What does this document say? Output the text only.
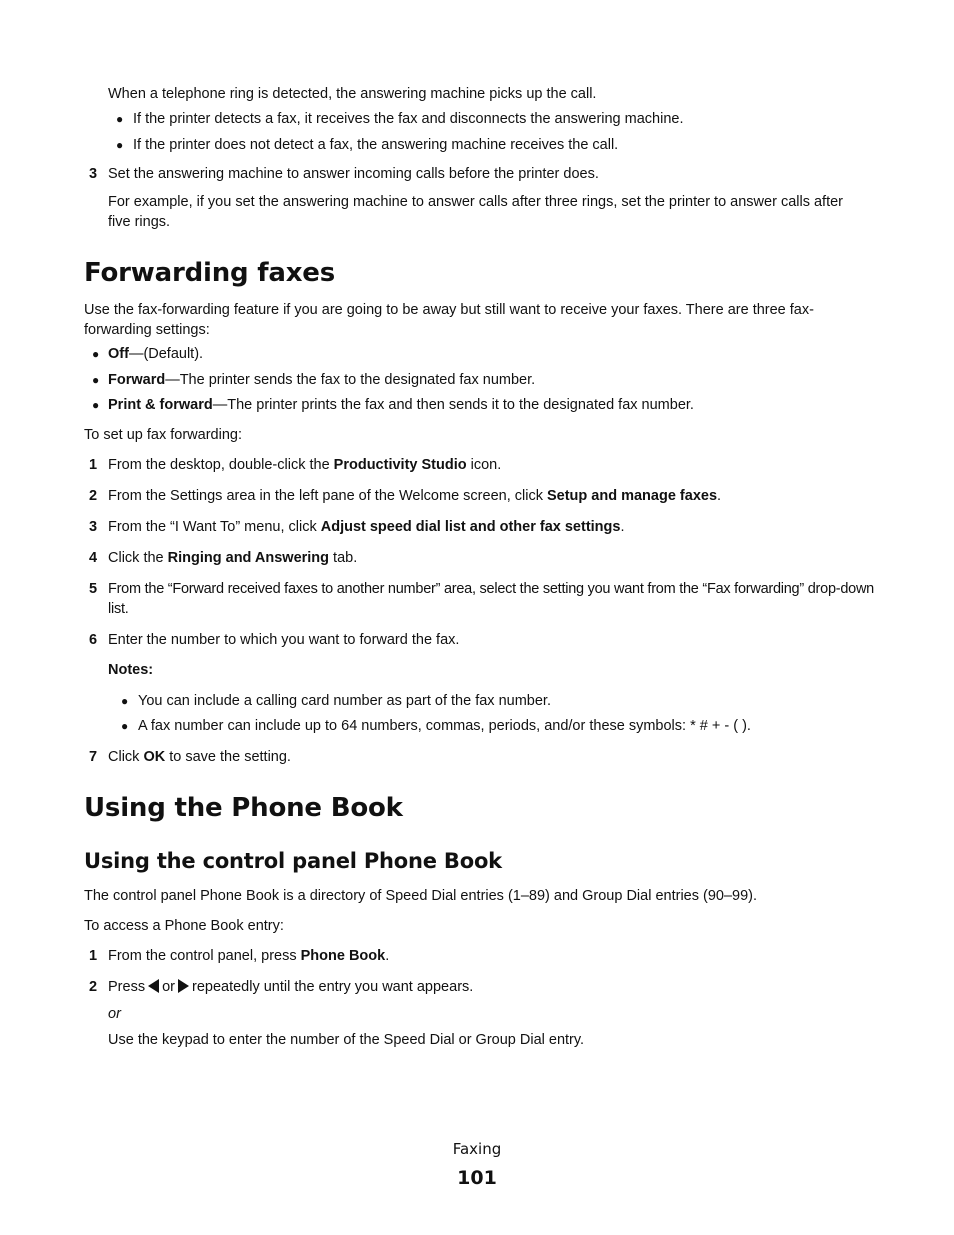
When a telephone ring is detected, the answering machine picks up the call.
● If the printer detects a fax, it receives the fax and disconnects the answering machine.
● If the printer does not detect a fax, the answering machine receives the call.
3 Set the answering machine to answer incoming calls before the printer does.
For example, if you set the answering machine to answer calls after three rings, set the printer to answer calls after five rings.
Forwarding faxes
Use the fax-forwarding feature if you are going to be away but still want to receive your faxes. There are three fax-forwarding settings:
● Off—(Default).
● Forward—The printer sends the fax to the designated fax number.
● Print & forward—The printer prints the fax and then sends it to the designated fax number.
To set up fax forwarding:
1 From the desktop, double-click the Productivity Studio icon.
2 From the Settings area in the left pane of the Welcome screen, click Setup and manage faxes.
3 From the “I Want To” menu, click Adjust speed dial list and other fax settings.
4 Click the Ringing and Answering tab.
5 From the “Forward received faxes to another number” area, select the setting you want from the “Fax forwarding” drop-down list.
6 Enter the number to which you want to forward the fax.
Notes:
● You can include a calling card number as part of the fax number.
● A fax number can include up to 64 numbers, commas, periods, and/or these symbols: * # + - ( ).
7 Click OK to save the setting.
Using the Phone Book
Using the control panel Phone Book
The control panel Phone Book is a directory of Speed Dial entries (1–89) and Group Dial entries (90–99).
To access a Phone Book entry:
1 From the control panel, press Phone Book.
2 Press or repeatedly until the entry you want appears.
or
Use the keypad to enter the number of the Speed Dial or Group Dial entry.
Faxing
101
